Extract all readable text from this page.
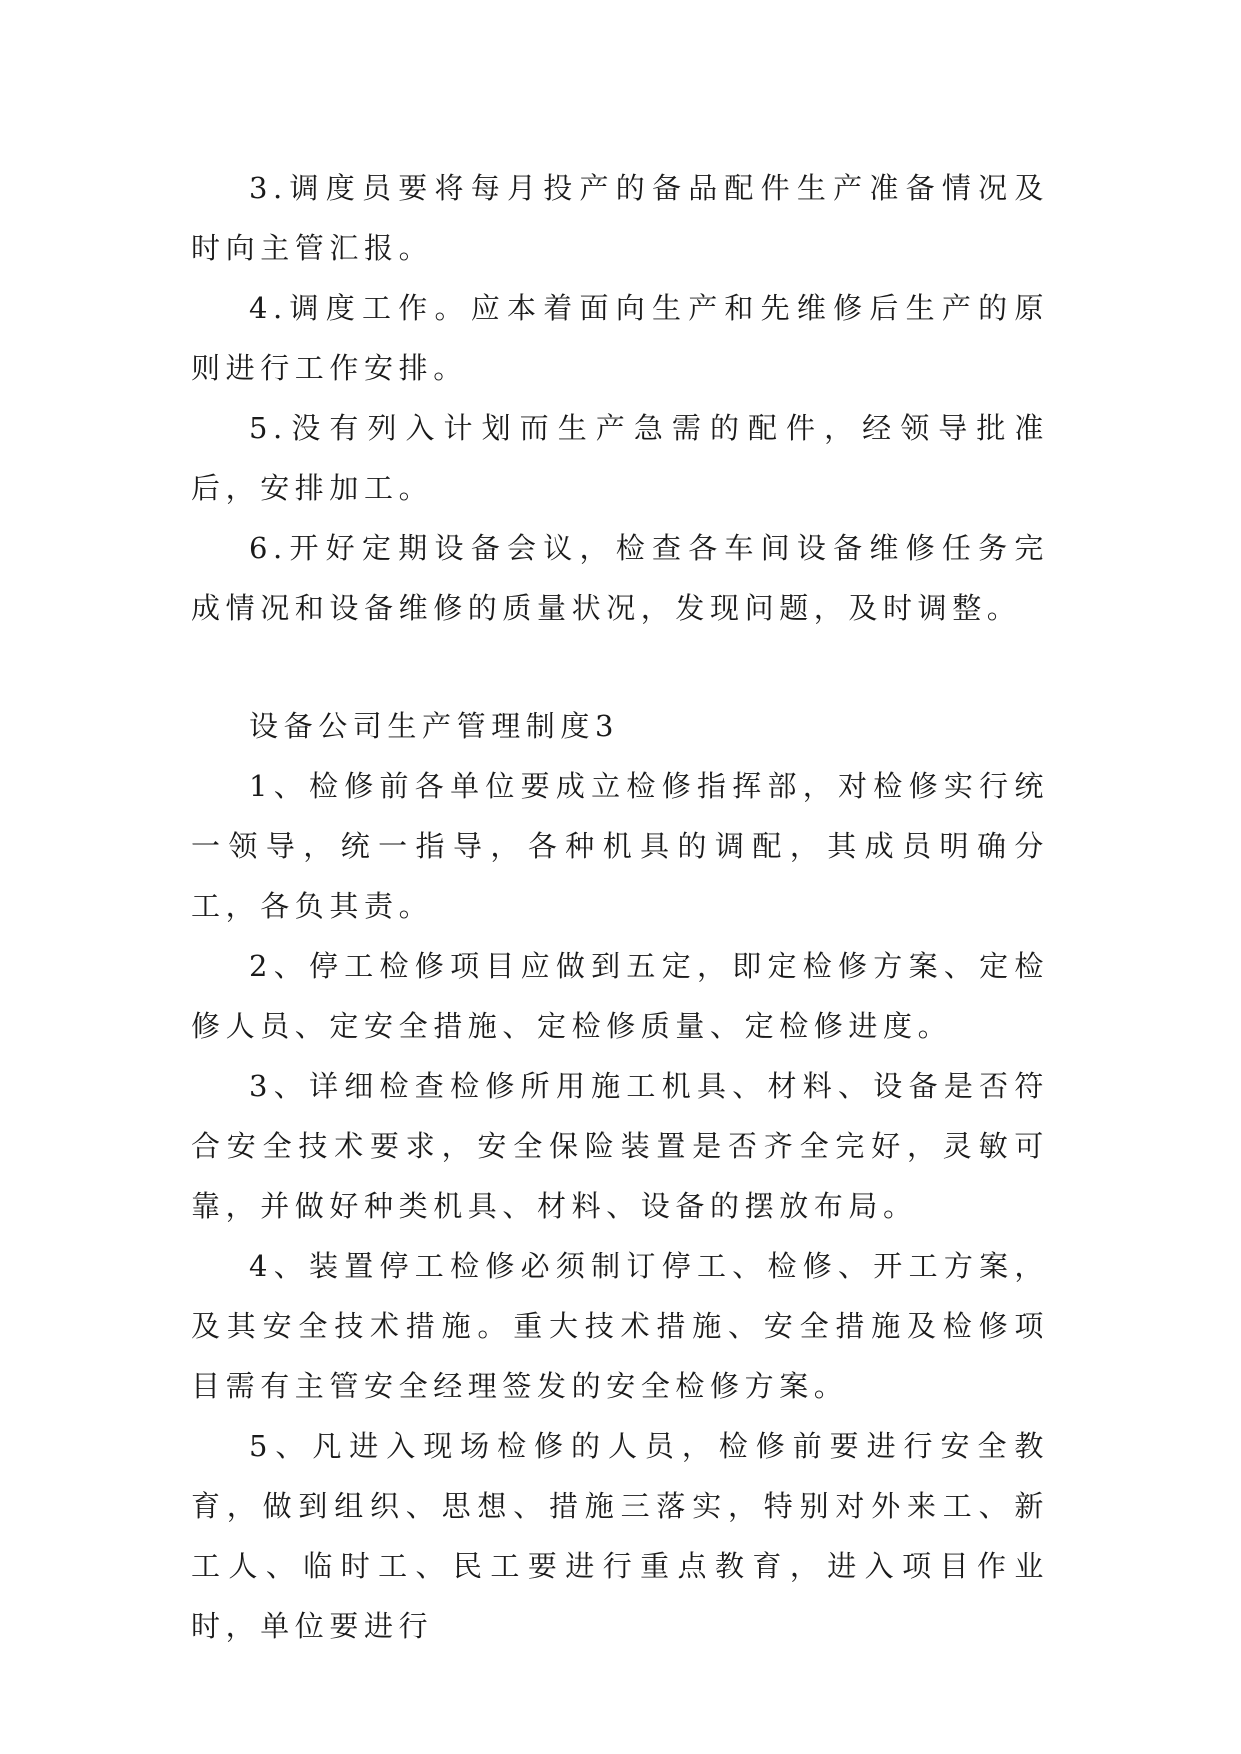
3.调度员要将每月投产的备品配件生产准备情况及时向主管汇报。

4.调度工作。应本着面向生产和先维修后生产的原则进行工作安排。

5.没有列入计划而生产急需的配件，经领导批准后，安排加工。

6.开好定期设备会议，检查各车间设备维修任务完成情况和设备维修的质量状况，发现问题，及时调整。

设备公司生产管理制度3

1、检修前各单位要成立检修指挥部，对检修实行统一领导，统一指导，各种机具的调配，其成员明确分工，各负其责。

2、停工检修项目应做到五定，即定检修方案、定检修人员、定安全措施、定检修质量、定检修进度。

3、详细检查检修所用施工机具、材料、设备是否符合安全技术要求，安全保险装置是否齐全完好，灵敏可靠，并做好种类机具、材料、设备的摆放布局。

4、装置停工检修必须制订停工、检修、开工方案，及其安全技术措施。重大技术措施、安全措施及检修项目需有主管安全经理签发的安全检修方案。

5、凡进入现场检修的人员，检修前要进行安全教育，做到组织、思想、措施三落实，特别对外来工、新工人、临时工、民工要进行重点教育，进入项目作业时，单位要进行
